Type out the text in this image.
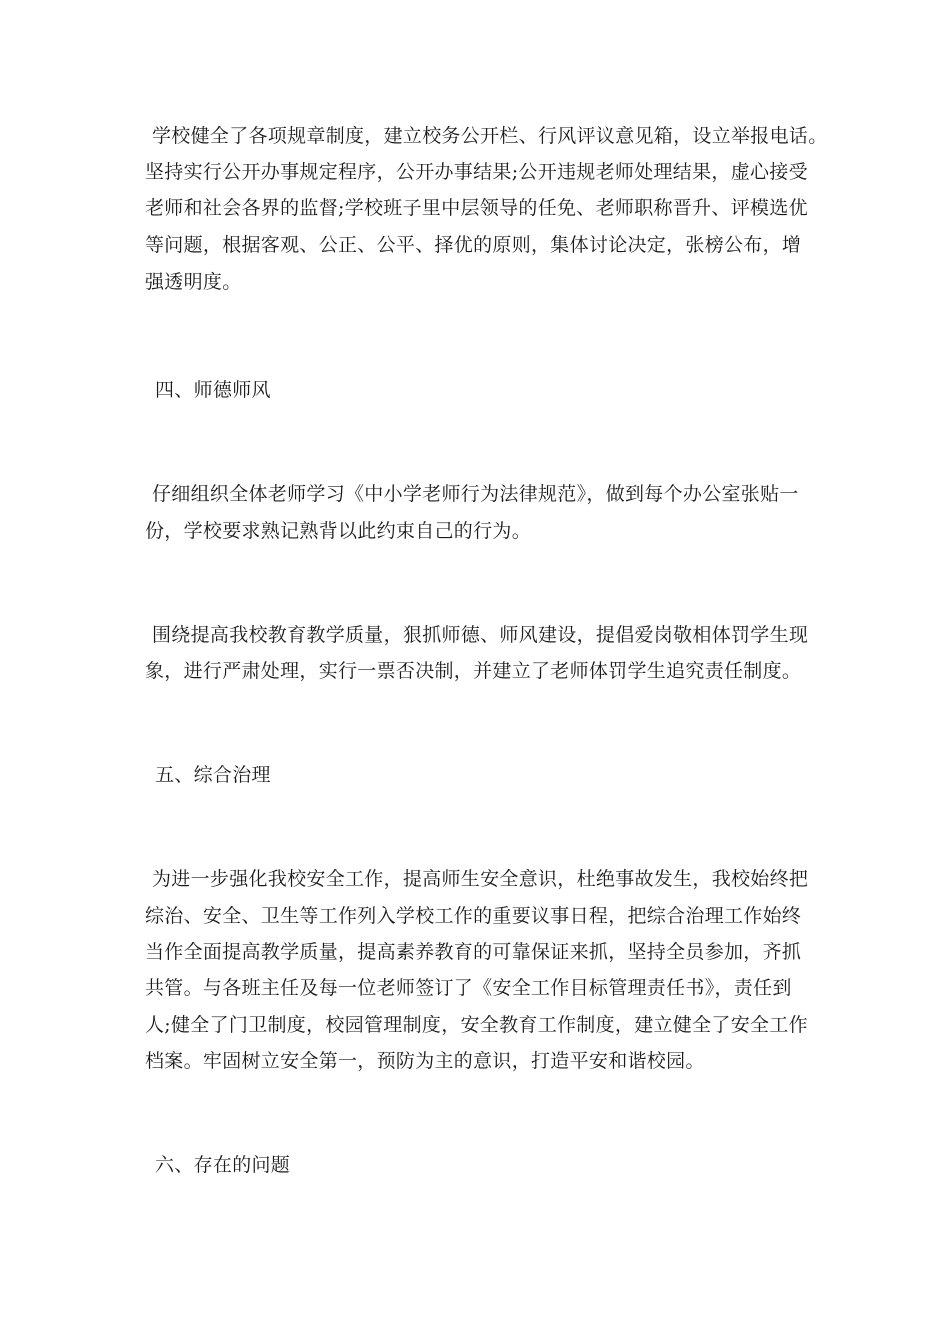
学校健全了各项规章制度，建立校务公开栏、行风评议意见箱，设立举报电话。
坚持实行公开办事规定程序，公开办事结果;公开违规老师处理结果，虚心接受
老师和社会各界的监督;学校班子里中层领导的任免、老师职称晋升、评模选优
等问题，根据客观、公正、公平、择优的原则，集体讨论决定，张榜公布，增
强透明度。
四、师德师风
仔细组织全体老师学习《中小学老师行为法律规范》，做到每个办公室张贴一
份，学校要求熟记熟背以此约束自己的行为。
围绕提高我校教育教学质量，狠抓师德、师风建设，提倡爱岗敬相体罚学生现
象，进行严肃处理，实行一票否决制，并建立了老师体罚学生追究责任制度。
五、综合治理
为进一步强化我校安全工作，提高师生安全意识，杜绝事故发生，我校始终把
综治、安全、卫生等工作列入学校工作的重要议事日程，把综合治理工作始终
当作全面提高教学质量，提高素养教育的可靠保证来抓，坚持全员参加，齐抓
共管。与各班主任及每一位老师签订了《安全工作目标管理责任书》，责任到
人;健全了门卫制度，校园管理制度，安全教育工作制度，建立健全了安全工作
档案。牢固树立安全第一，预防为主的意识，打造平安和谐校园。
六、存在的问题
